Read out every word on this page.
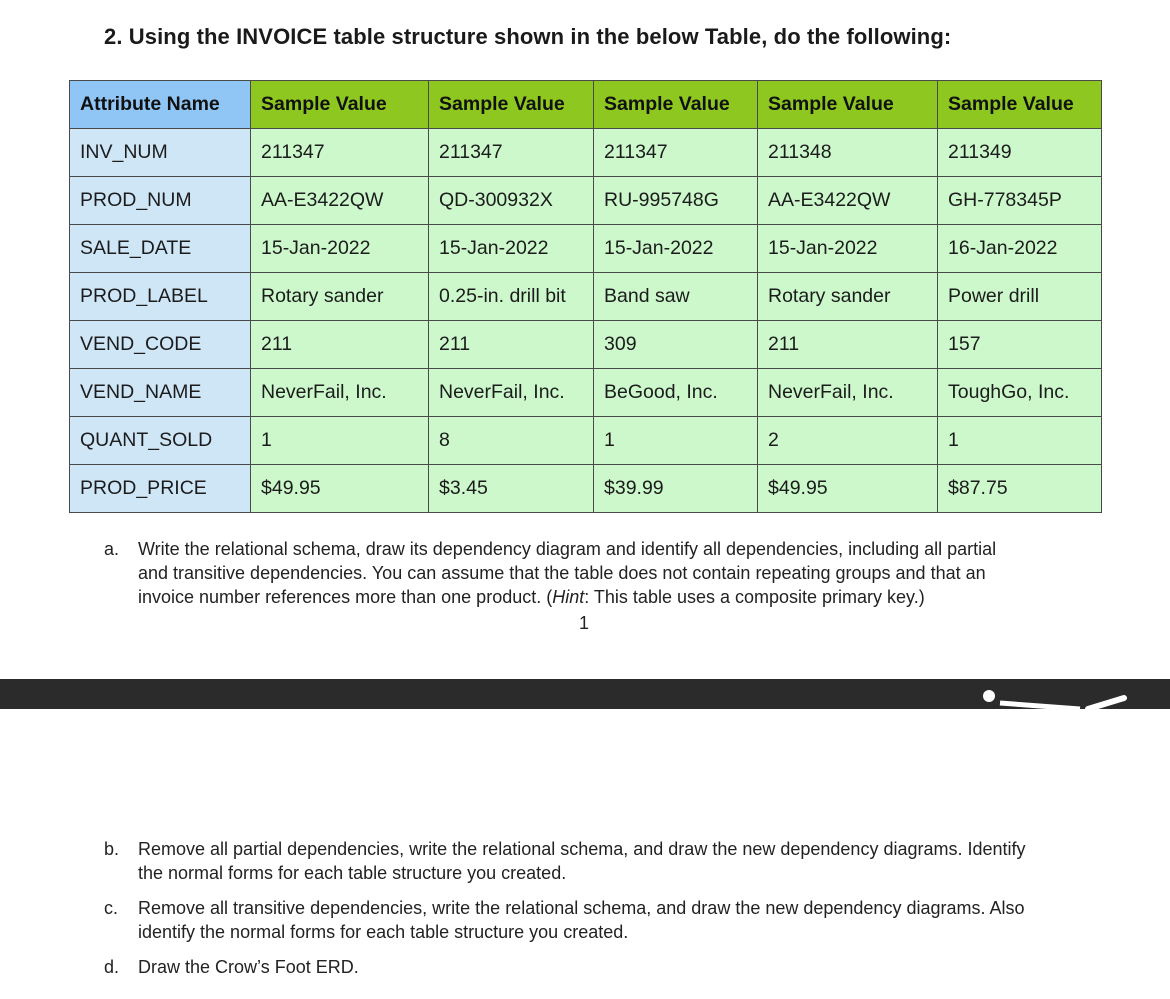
2. Using the INVOICE table structure shown in the below Table, do the following:
Attribute Name	Sample Value	Sample Value	Sample Value	Sample Value	Sample Value
INV_NUM	211347	211347	211347	211348	211349
PROD_NUM	AA-E3422QW	QD-300932X	RU-995748G	AA-E3422QW	GH-778345P
SALE_DATE	15-Jan-2022	15-Jan-2022	15-Jan-2022	15-Jan-2022	16-Jan-2022
PROD_LABEL	Rotary sander	0.25-in. drill bit	Band saw	Rotary sander	Power drill
VEND_CODE	211	211	309	211	157
VEND_NAME	NeverFail, Inc.	NeverFail, Inc.	BeGood, Inc.	NeverFail, Inc.	ToughGo, Inc.
QUANT_SOLD	1	8	1	2	1
PROD_PRICE	$49.95	$3.45	$39.99	$49.95	$87.75
a. Write the relational schema, draw its dependency diagram and identify all dependencies, including all partial
and transitive dependencies. You can assume that the table does not contain repeating groups and that an
invoice number references more than one product. (Hint: This table uses a composite primary key.)
1
b. Remove all partial dependencies, write the relational schema, and draw the new dependency diagrams. Identify
the normal forms for each table structure you created.
c. Remove all transitive dependencies, write the relational schema, and draw the new dependency diagrams. Also
identify the normal forms for each table structure you created.
d. Draw the Crow’s Foot ERD.
